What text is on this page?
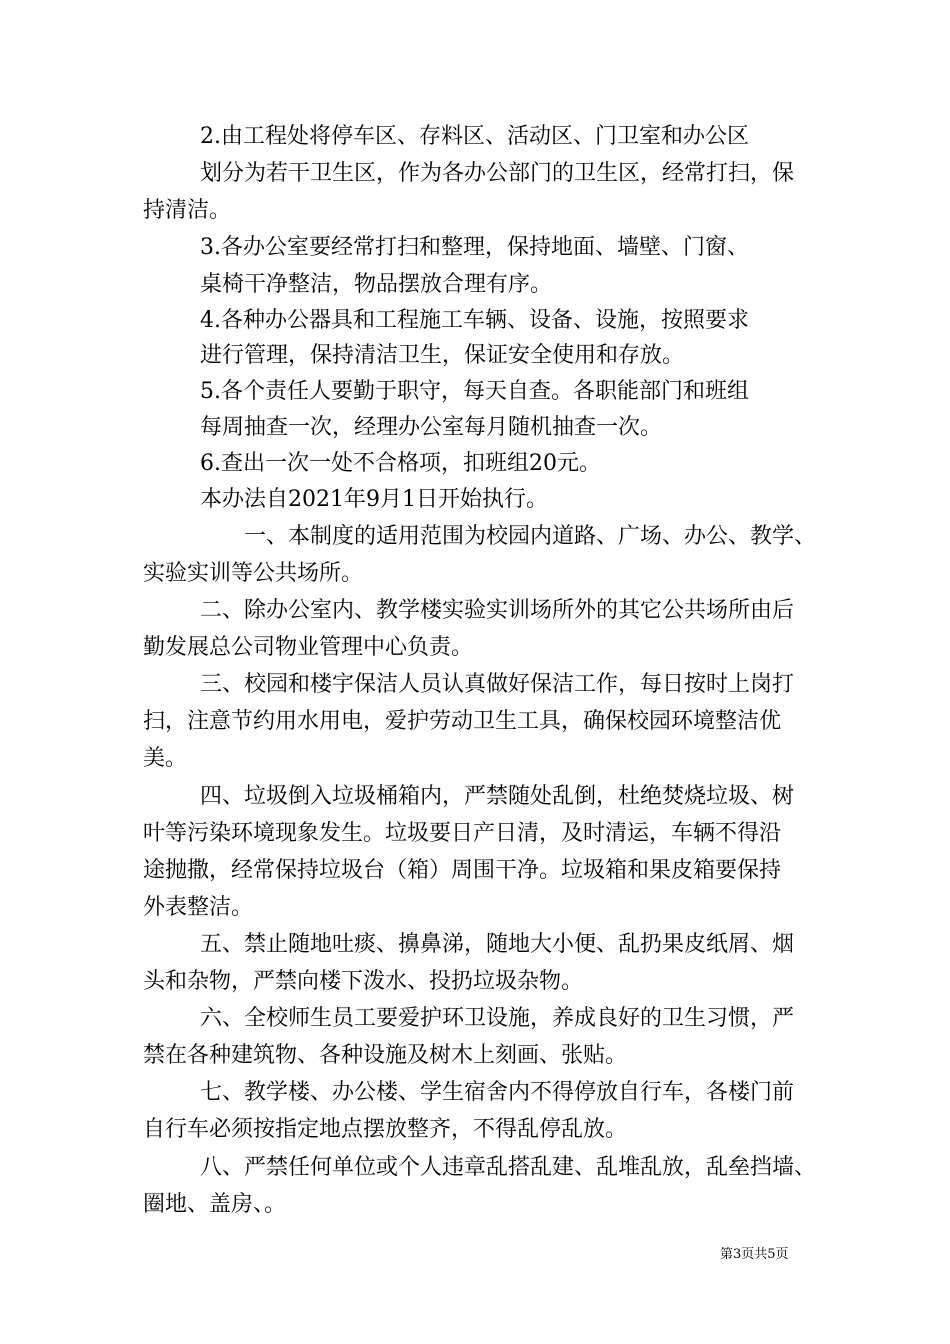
2.由工程处将停车区、存料区、活动区、门卫室和办公区
划分为若干卫生区，作为各办公部门的卫生区，经常打扫，保
持清洁。
3.各办公室要经常打扫和整理，保持地面、墙壁、门窗、
桌椅干净整洁，物品摆放合理有序。
4.各种办公器具和工程施工车辆、设备、设施，按照要求
进行管理，保持清洁卫生，保证安全使用和存放。
5.各个责任人要勤于职守，每天自查。各职能部门和班组
每周抽查一次，经理办公室每月随机抽查一次。
6.查出一次一处不合格项，扣班组20元。
本办法自2021年9月1日开始执行。
一、本制度的适用范围为校园内道路、广场、办公、教学、
实验实训等公共场所。
二、除办公室内、教学楼实验实训场所外的其它公共场所由后
勤发展总公司物业管理中心负责。
三、校园和楼宇保洁人员认真做好保洁工作，每日按时上岗打
扫，注意节约用水用电，爱护劳动卫生工具，确保校园环境整洁优
美。
四、垃圾倒入垃圾桶箱内，严禁随处乱倒，杜绝焚烧垃圾、树
叶等污染环境现象发生。垃圾要日产日清，及时清运，车辆不得沿
途抛撒，经常保持垃圾台（箱）周围干净。垃圾箱和果皮箱要保持
外表整洁。
五、禁止随地吐痰、擤鼻涕，随地大小便、乱扔果皮纸屑、烟
头和杂物，严禁向楼下泼水、投扔垃圾杂物。
六、全校师生员工要爱护环卫设施，养成良好的卫生习惯，严
禁在各种建筑物、各种设施及树木上刻画、张贴。
七、教学楼、办公楼、学生宿舍内不得停放自行车，各楼门前
自行车必须按指定地点摆放整齐，不得乱停乱放。
八、严禁任何单位或个人违章乱搭乱建、乱堆乱放，乱垒挡墙、
圈地、盖房、。
第3页共5页
